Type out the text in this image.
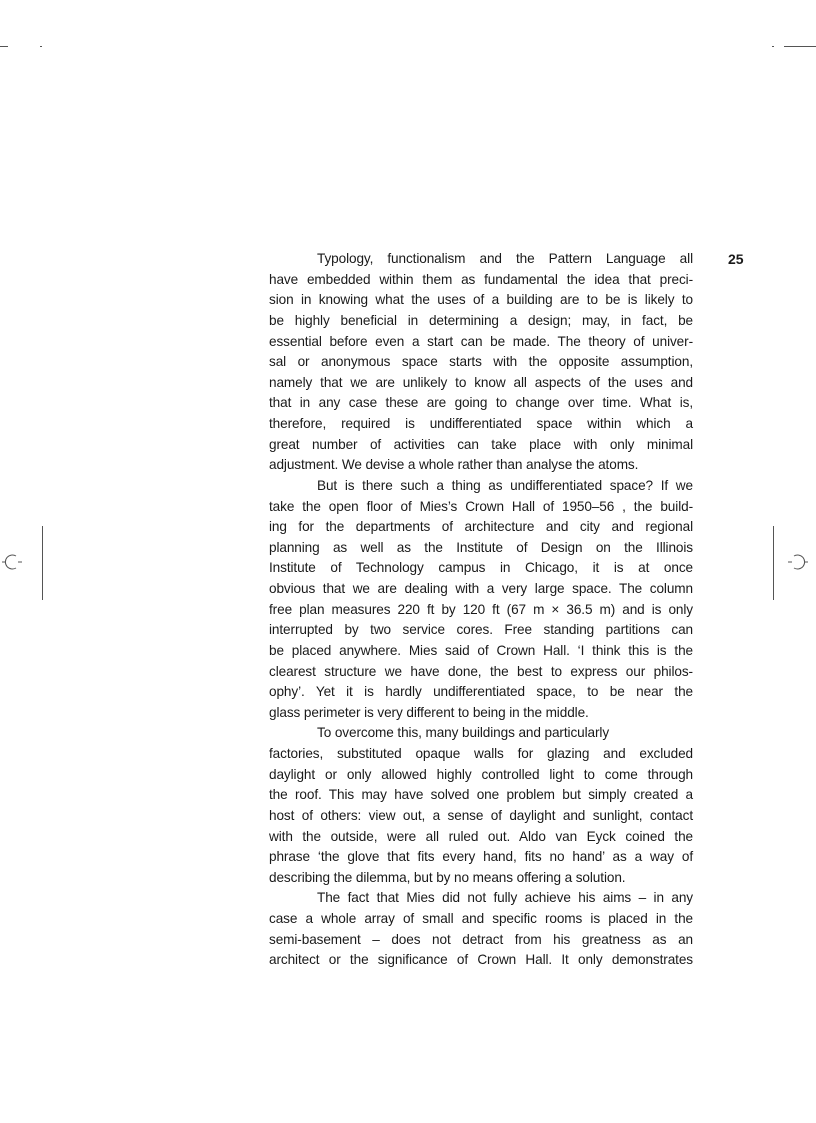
25
Typology, functionalism and the Pattern Language all
have embedded within them as fundamental the idea that preci-
sion in knowing what the uses of a building are to be is likely to
be highly beneficial in determining a design; may, in fact, be
essential before even a start can be made. The theory of univer-
sal or anonymous space starts with the opposite assumption,
namely that we are unlikely to know all aspects of the uses and
that in any case these are going to change over time. What is,
therefore, required is undifferentiated space within which a
great number of activities can take place with only minimal
adjustment. We devise a whole rather than analyse the atoms.
But is there such a thing as undifferentiated space? If we
take the open floor of Mies’s Crown Hall of 1950–56 , the build-
ing for the departments of architecture and city and regional
planning as well as the Institute of Design on the Illinois
Institute of Technology campus in Chicago, it is at once
obvious that we are dealing with a very large space. The column
free plan measures 220 ft by 120 ft (67 m × 36.5 m) and is only
interrupted by two service cores. Free standing partitions can
be placed anywhere. Mies said of Crown Hall. ‘I think this is the
clearest structure we have done, the best to express our philos-
ophy’. Yet it is hardly undifferentiated space, to be near the
glass perimeter is very different to being in the middle.
To overcome this, many buildings and particularly
factories, substituted opaque walls for glazing and excluded
daylight or only allowed highly controlled light to come through
the roof. This may have solved one problem but simply created a
host of others: view out, a sense of daylight and sunlight, contact
with the outside, were all ruled out. Aldo van Eyck coined the
phrase ‘the glove that fits every hand, fits no hand’ as a way of
describing the dilemma, but by no means offering a solution.
The fact that Mies did not fully achieve his aims – in any
case a whole array of small and specific rooms is placed in the
semi-basement – does not detract from his greatness as an
architect or the significance of Crown Hall. It only demonstrates
